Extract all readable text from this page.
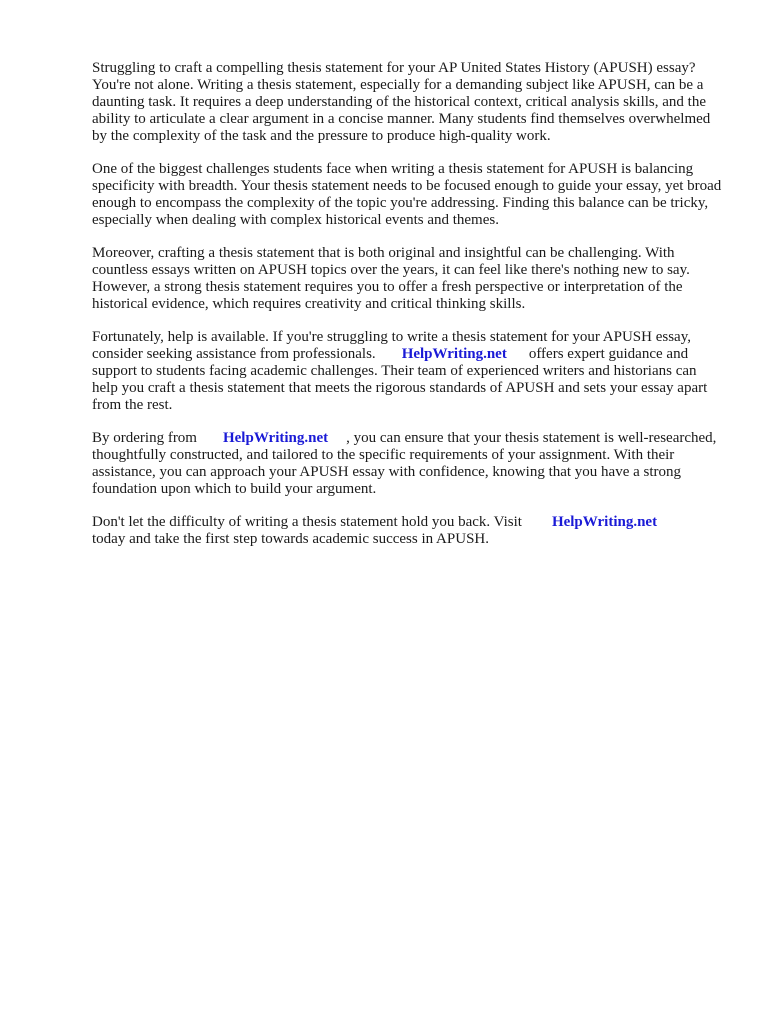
Struggling to craft a compelling thesis statement for your AP United States History (APUSH) essay? You're not alone. Writing a thesis statement, especially for a demanding subject like APUSH, can be a daunting task. It requires a deep understanding of the historical context, critical analysis skills, and the ability to articulate a clear argument in a concise manner. Many students find themselves overwhelmed by the complexity of the task and the pressure to produce high-quality work.

One of the biggest challenges students face when writing a thesis statement for APUSH is balancing specificity with breadth. Your thesis statement needs to be focused enough to guide your essay, yet broad enough to encompass the complexity of the topic you're addressing. Finding this balance can be tricky, especially when dealing with complex historical events and themes.

Moreover, crafting a thesis statement that is both original and insightful can be challenging. With countless essays written on APUSH topics over the years, it can feel like there's nothing new to say. However, a strong thesis statement requires you to offer a fresh perspective or interpretation of the historical evidence, which requires creativity and critical thinking skills.

Fortunately, help is available. If you're struggling to write a thesis statement for your APUSH essay, consider seeking assistance from professionals. HelpWriting.net offers expert guidance and support to students facing academic challenges. Their team of experienced writers and historians can help you craft a thesis statement that meets the rigorous standards of APUSH and sets your essay apart from the rest.

By ordering from HelpWriting.net , you can ensure that your thesis statement is well-researched, thoughtfully constructed, and tailored to the specific requirements of your assignment. With their assistance, you can approach your APUSH essay with confidence, knowing that you have a strong foundation upon which to build your argument.

Don't let the difficulty of writing a thesis statement hold you back. Visit HelpWriting.nettoday and take the first step towards academic success in APUSH.
